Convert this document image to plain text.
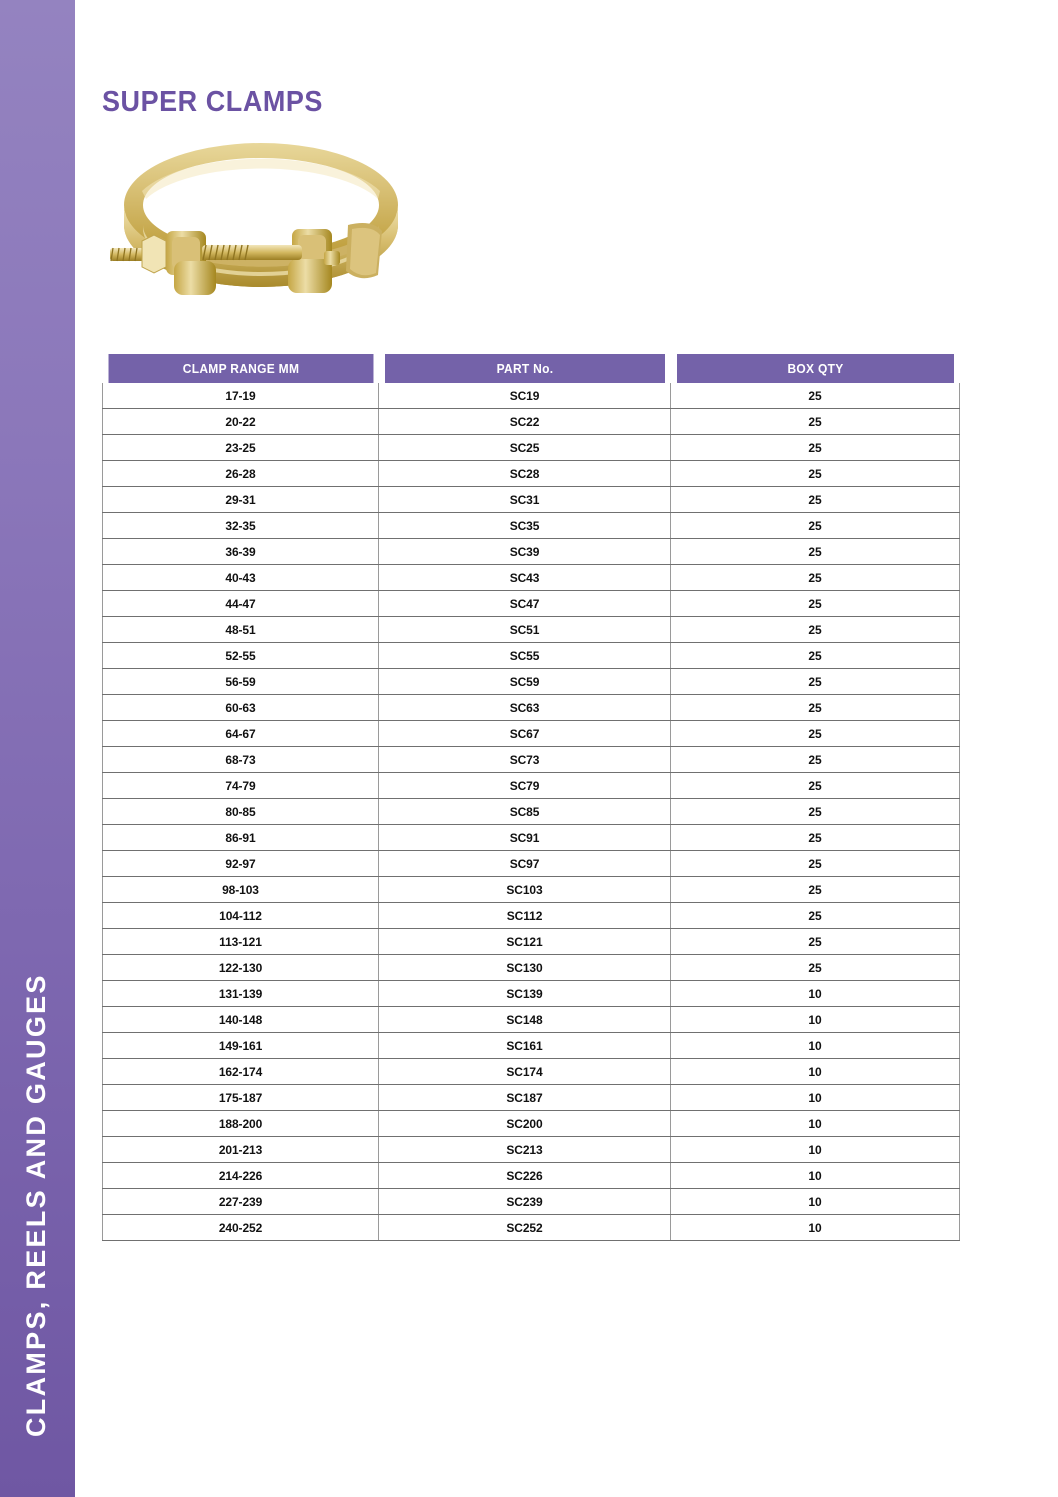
CLAMPS, REELS AND GAUGES
SUPER CLAMPS
CLAMP RANGE MM	PART No.	BOX QTY
17-19	SC19	25
20-22	SC22	25
23-25	SC25	25
26-28	SC28	25
29-31	SC31	25
32-35	SC35	25
36-39	SC39	25
40-43	SC43	25
44-47	SC47	25
48-51	SC51	25
52-55	SC55	25
56-59	SC59	25
60-63	SC63	25
64-67	SC67	25
68-73	SC73	25
74-79	SC79	25
80-85	SC85	25
86-91	SC91	25
92-97	SC97	25
98-103	SC103	25
104-112	SC112	25
113-121	SC121	25
122-130	SC130	25
131-139	SC139	10
140-148	SC148	10
149-161	SC161	10
162-174	SC174	10
175-187	SC187	10
188-200	SC200	10
201-213	SC213	10
214-226	SC226	10
227-239	SC239	10
240-252	SC252	10
